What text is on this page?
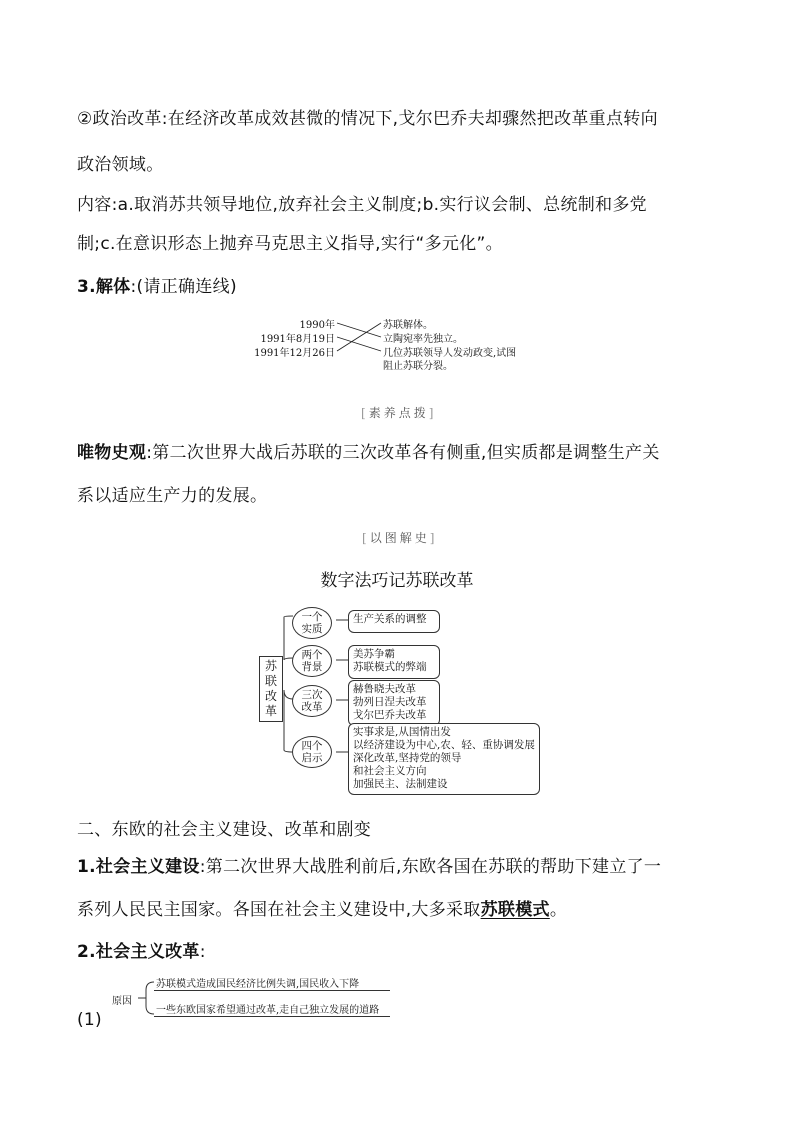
②政治改革:在经济改革成效甚微的情况下,戈尔巴乔夫却骤然把改革重点转向
政治领域。
内容:a.取消苏共领导地位,放弃社会主义制度;b.实行议会制、总统制和多党
制;c.在意识形态上抛弃马克思主义指导,实行“多元化”。
3.解体:(请正确连线)
1990年
1991年8月19日
1991年12月26日
苏联解体。
立陶宛率先独立。
几位苏联领导人发动政变,试图
阻止苏联分裂。
[素养点拨]
唯物史观:第二次世界大战后苏联的三次改革各有侧重,但实质都是调整生产关
系以适应生产力的发展。
[以图解史]
数字法巧记苏联改革
苏
联
改
革
一个
实质
生产关系的调整
两个
背景
美苏争霸
苏联模式的弊端
三次
改革
赫鲁晓夫改革
勃列日涅夫改革
戈尔巴乔夫改革
四个
启示
实事求是,从国情出发
以经济建设为中心,农、轻、重协调发展
深化改革,坚持党的领导
和社会主义方向
加强民主、法制建设
二、东欧的社会主义建设、改革和剧变
1.社会主义建设:第二次世界大战胜利前后,东欧各国在苏联的帮助下建立了一
系列人民民主国家。各国在社会主义建设中,大多采取苏联模式。
2.社会主义改革:
原因
苏联模式造成国民经济比例失调,国民收入下降
一些东欧国家希望通过改革,走自己独立发展的道路
(1)
